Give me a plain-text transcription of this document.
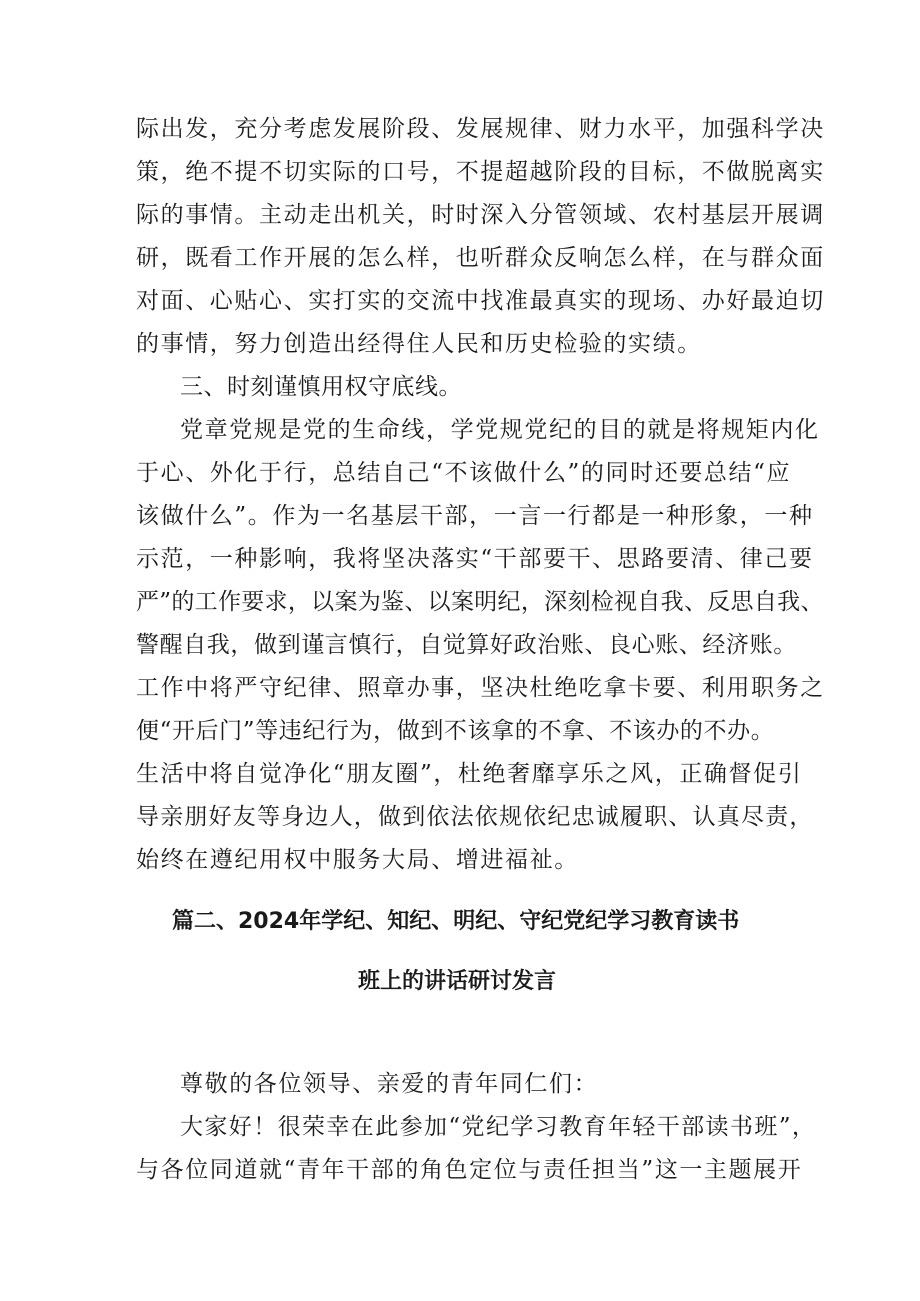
际出发，充分考虑发展阶段、发展规律、财力水平，加强科学决
策，绝不提不切实际的口号，不提超越阶段的目标，不做脱离实
际的事情。主动走出机关，时时深入分管领域、农村基层开展调
研，既看工作开展的怎么样，也听群众反响怎么样，在与群众面
对面、心贴心、实打实的交流中找准最真实的现场、办好最迫切
的事情，努力创造出经得住人民和历史检验的实绩。
三、时刻谨慎用权守底线。
党章党规是党的生命线，学党规党纪的目的就是将规矩内化
于心、外化于行，总结自己“不该做什么”的同时还要总结“应
该做什么”。作为一名基层干部，一言一行都是一种形象，一种
示范，一种影响，我将坚决落实“干部要干、思路要清、律己要
严”的工作要求，以案为鉴、以案明纪，深刻检视自我、反思自我、
警醒自我，做到谨言慎行，自觉算好政治账、良心账、经济账。
工作中将严守纪律、照章办事，坚决杜绝吃拿卡要、利用职务之
便“开后门”等违纪行为，做到不该拿的不拿、不该办的不办。
生活中将自觉净化“朋友圈”，杜绝奢靡享乐之风，正确督促引
导亲朋好友等身边人，做到依法依规依纪忠诚履职、认真尽责，
始终在遵纪用权中服务大局、增进福祉。
篇二、2024年学纪、知纪、明纪、守纪党纪学习教育读书
班上的讲话研讨发言
尊敬的各位领导、亲爱的青年同仁们：
大家好！很荣幸在此参加“党纪学习教育年轻干部读书班”，
与各位同道就“青年干部的角色定位与责任担当”这一主题展开
